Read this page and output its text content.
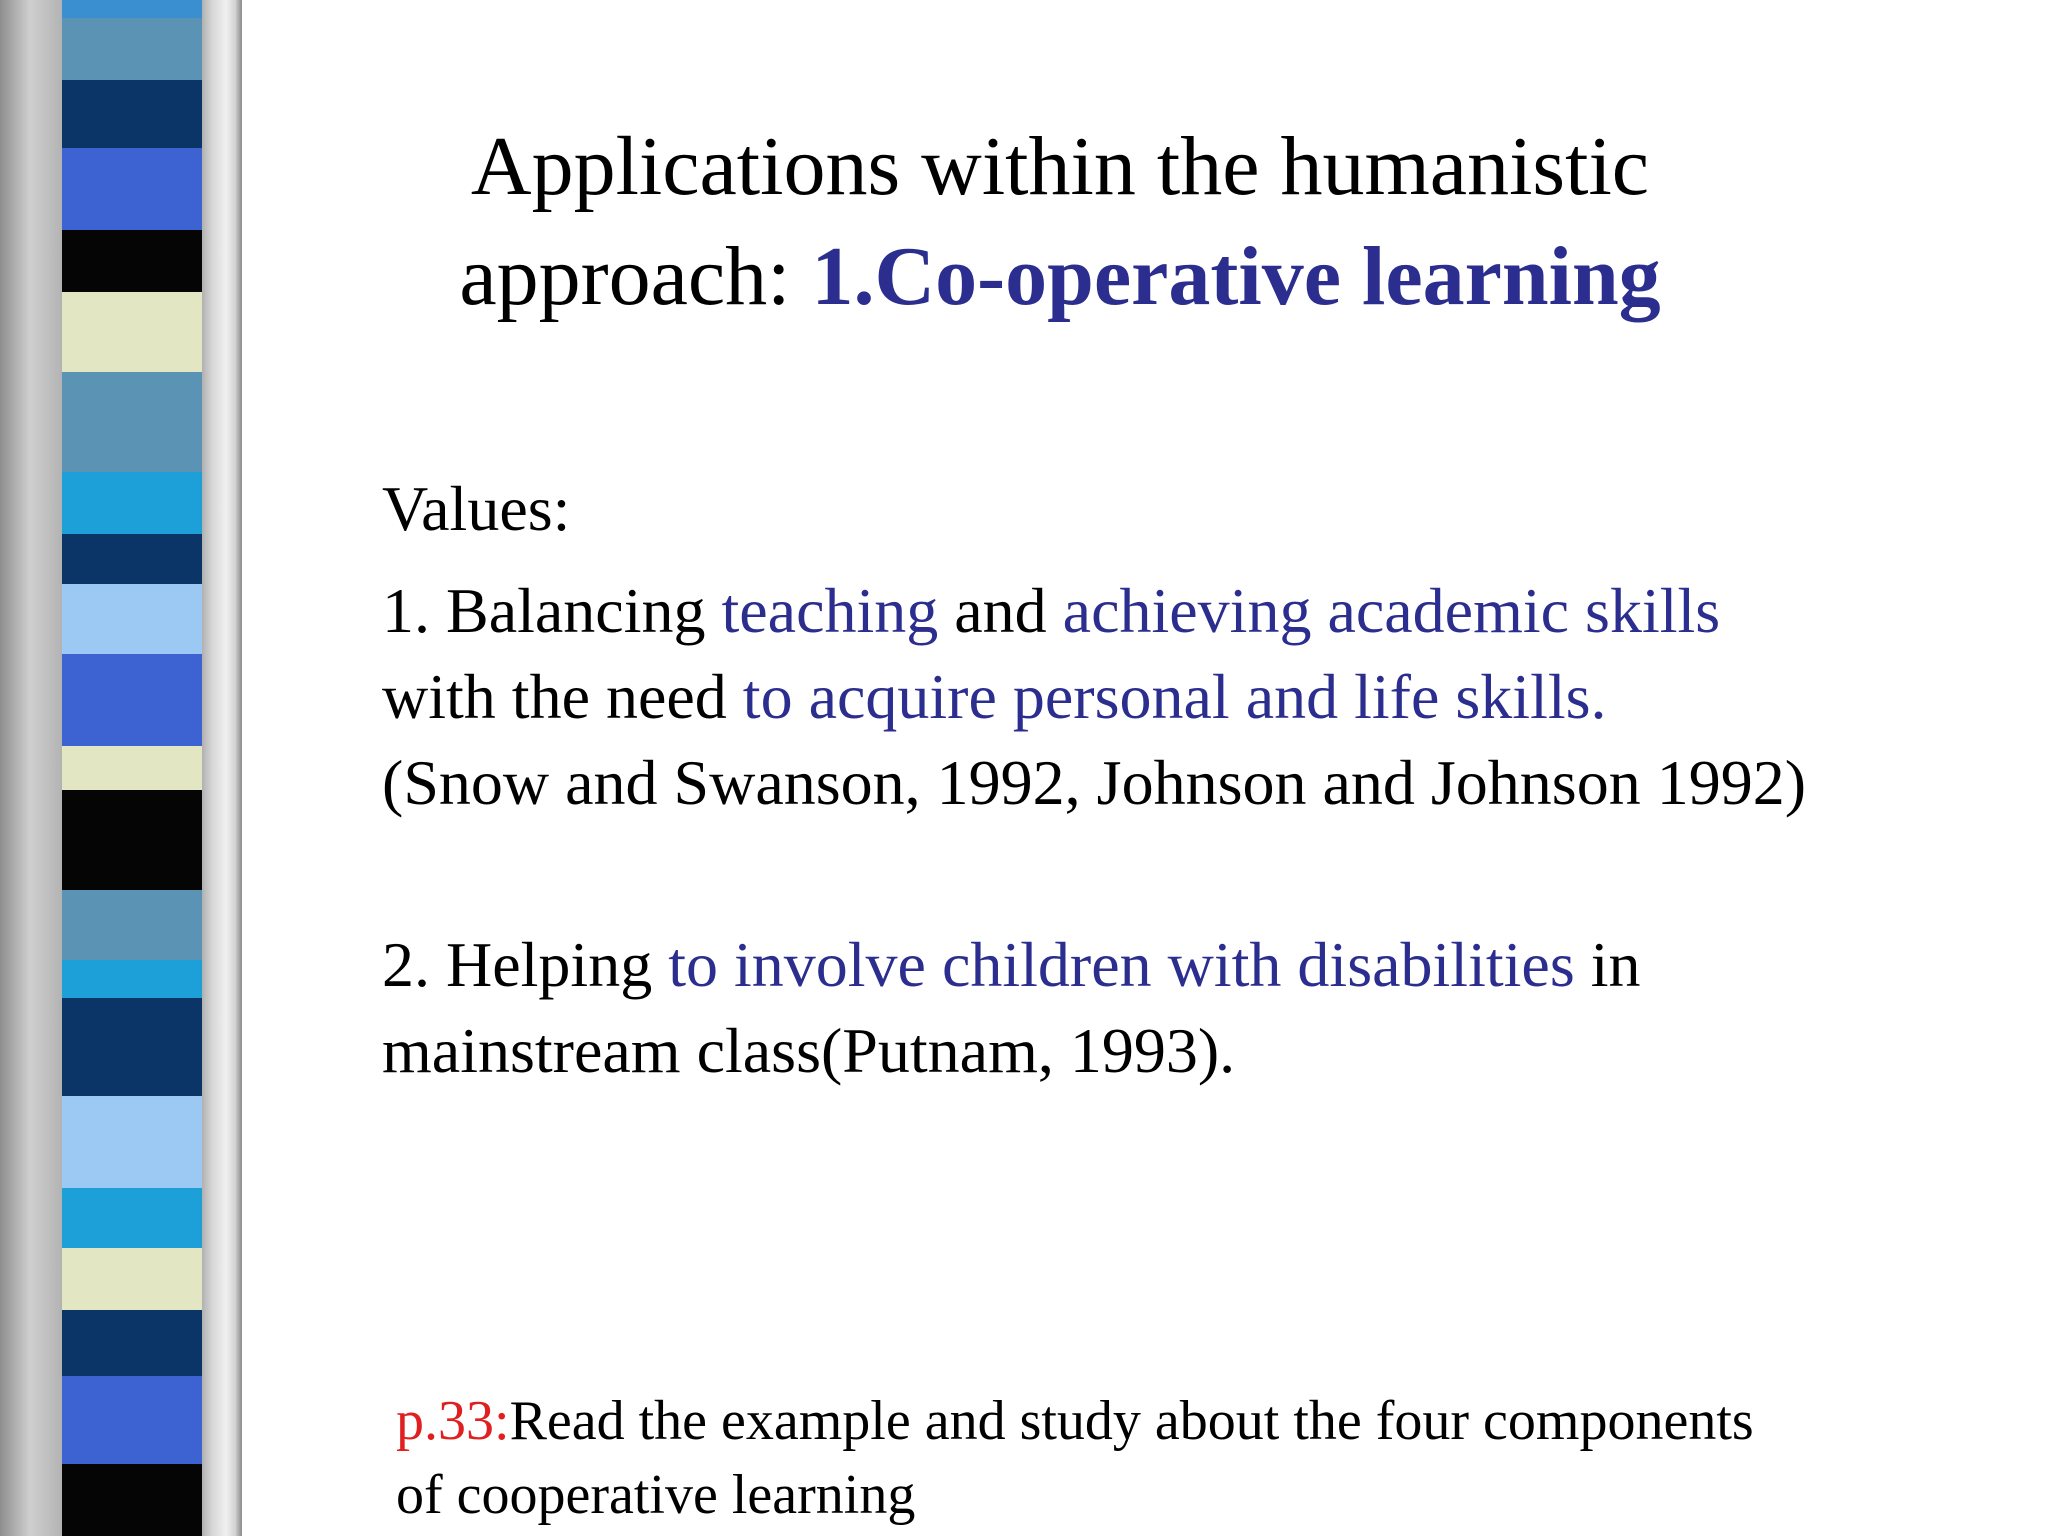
Applications within the humanistic
approach: 1.Co-operative learning

Values:

1. Balancing teaching and achieving academic skills
with the need to acquire personal and life skills.
(Snow and Swanson, 1992, Johnson and Johnson 1992)

2. Helping to involve children with disabilities in mainstream class(Putnam, 1993).

p.33:Read the example and study about the four components of cooperative learning
